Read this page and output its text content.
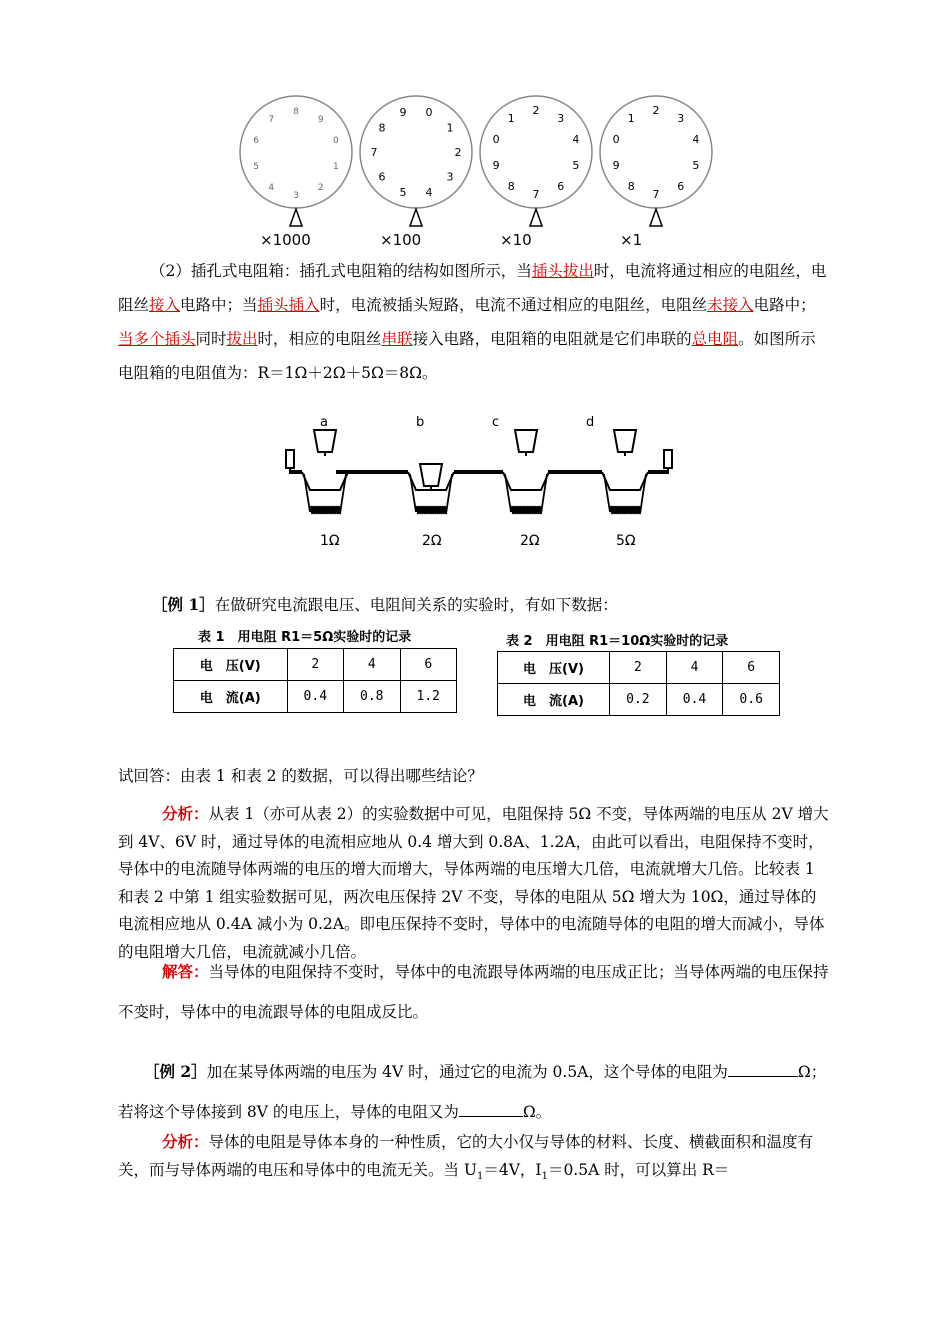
0
1
2
3
4
5
6
7
8
9
×1000
0
1
2
3
4
5
6
7
8
9
×100
0
1
2
3
4
5
6
7
8
9
×10
0
1
2
3
4
5
6
7
8
9
×1
（2）插孔式电阻箱：插孔式电阻箱的结构如图所示，当插头拔出时，电流将通过相应的电阻丝，电阻丝接入电路中；当插头插入时，电流被插头短路，电流不通过相应的电阻丝，电阻丝未接入电路中；当多个插头同时拔出时，相应的电阻丝串联接入电路，电阻箱的电阻就是它们串联的总电阻。如图所示电阻箱的电阻值为：R＝1Ω＋2Ω＋5Ω＝8Ω。
a	b	c	d
1Ω	2Ω	2Ω	5Ω
［例 1］在做研究电流跟电压、电阻间关系的实验时，有如下数据：
表 1　用电阻 R1＝5Ω实验时的记录
电　压(V)	2	4	6
电　流(A)	0.4	0.8	1.2
表 2　用电阻 R1＝10Ω实验时的记录
电　压(V)	2	4	6
电　流(A)	0.2	0.4	0.6
试回答：由表 1 和表 2 的数据，可以得出哪些结论？
分析：从表 1（亦可从表 2）的实验数据中可见，电阻保持 5Ω 不变，导体两端的电压从 2V 增大到 4V、6V 时，通过导体的电流相应地从 0.4 增大到 0.8A、1.2A，由此可以看出，电阻保持不变时，导体中的电流随导体两端的电压的增大而增大，导体两端的电压增大几倍，电流就增大几倍。比较表 1 和表 2 中第 1 组实验数据可见，两次电压保持 2V 不变，导体的电阻从 5Ω 增大为 10Ω，通过导体的电流相应地从 0.4A 减小为 0.2A。即电压保持不变时，导体中的电流随导体的电阻的增大而减小，导体的电阻增大几倍，电流就减小几倍。
解答：当导体的电阻保持不变时，导体中的电流跟导体两端的电压成正比；当导体两端的电压保持不变时，导体中的电流跟导体的电阻成反比。
［例 2］加在某导体两端的电压为 4V 时，通过它的电流为 0.5A，这个导体的电阻为	Ω；若将这个导体接到 8V 的电压上，导体的电阻又为	Ω。
分析：导体的电阻是导体本身的一种性质，它的大小仅与导体的材料、长度、横截面积和温度有关，而与导体两端的电压和导体中的电流无关。当 $U_1=4V$，$I_1=0.5A$ 时，可以算出 R＝
